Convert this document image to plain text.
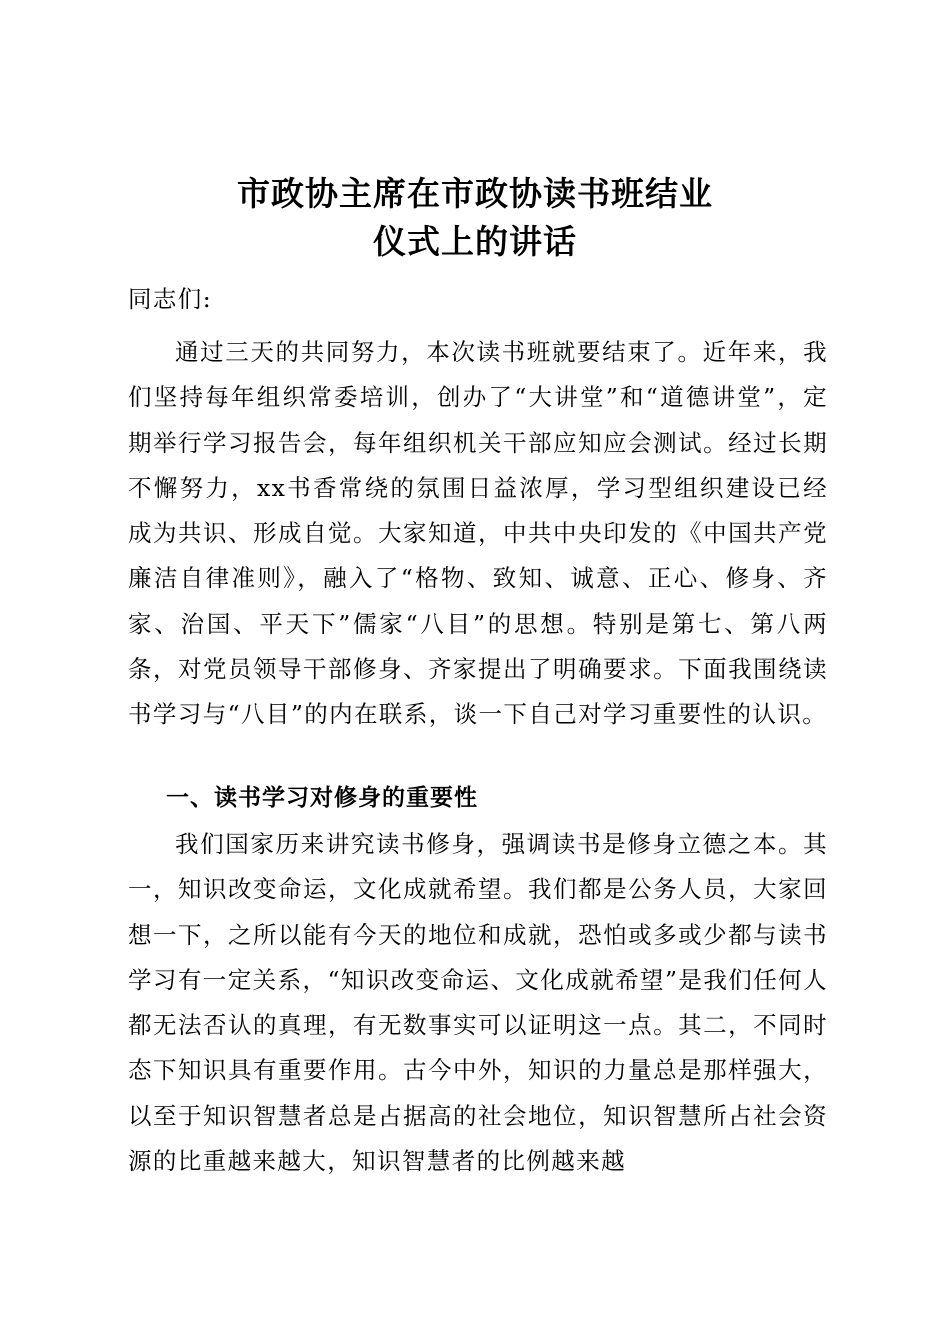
市政协主席在市政协读书班结业
仪式上的讲话
同志们:

通过三天的共同努力，本次读书班就要结束了。近年来，我们坚持每年组织常委培训，创办了“大讲堂”和“道德讲堂”，定期举行学习报告会，每年组织机关干部应知应会测试。经过长期不懈努力，xx书香常绕的氛围日益浓厚，学习型组织建设已经成为共识、形成自觉。大家知道，中共中央印发的《中国共产党廉洁自律准则》，融入了“格物、致知、诚意、正心、修身、齐家、治国、平天下”儒家“八目”的思想。特别是第七、第八两条，对党员领导干部修身、齐家提出了明确要求。下面我围绕读书学习与“八目”的内在联系，谈一下自己对学习重要性的认识。

一、读书学习对修身的重要性

我们国家历来讲究读书修身，强调读书是修身立德之本。其一，知识改变命运，文化成就希望。我们都是公务人员，大家回想一下，之所以能有今天的地位和成就，恐怕或多或少都与读书学习有一定关系，“知识改变命运、文化成就希望”是我们任何人都无法否认的真理，有无数事实可以证明这一点。其二，不同时态下知识具有重要作用。古今中外，知识的力量总是那样强大，以至于知识智慧者总是占据高的社会地位，知识智慧所占社会资源的比重越来越大，知识智慧者的比例越来越
